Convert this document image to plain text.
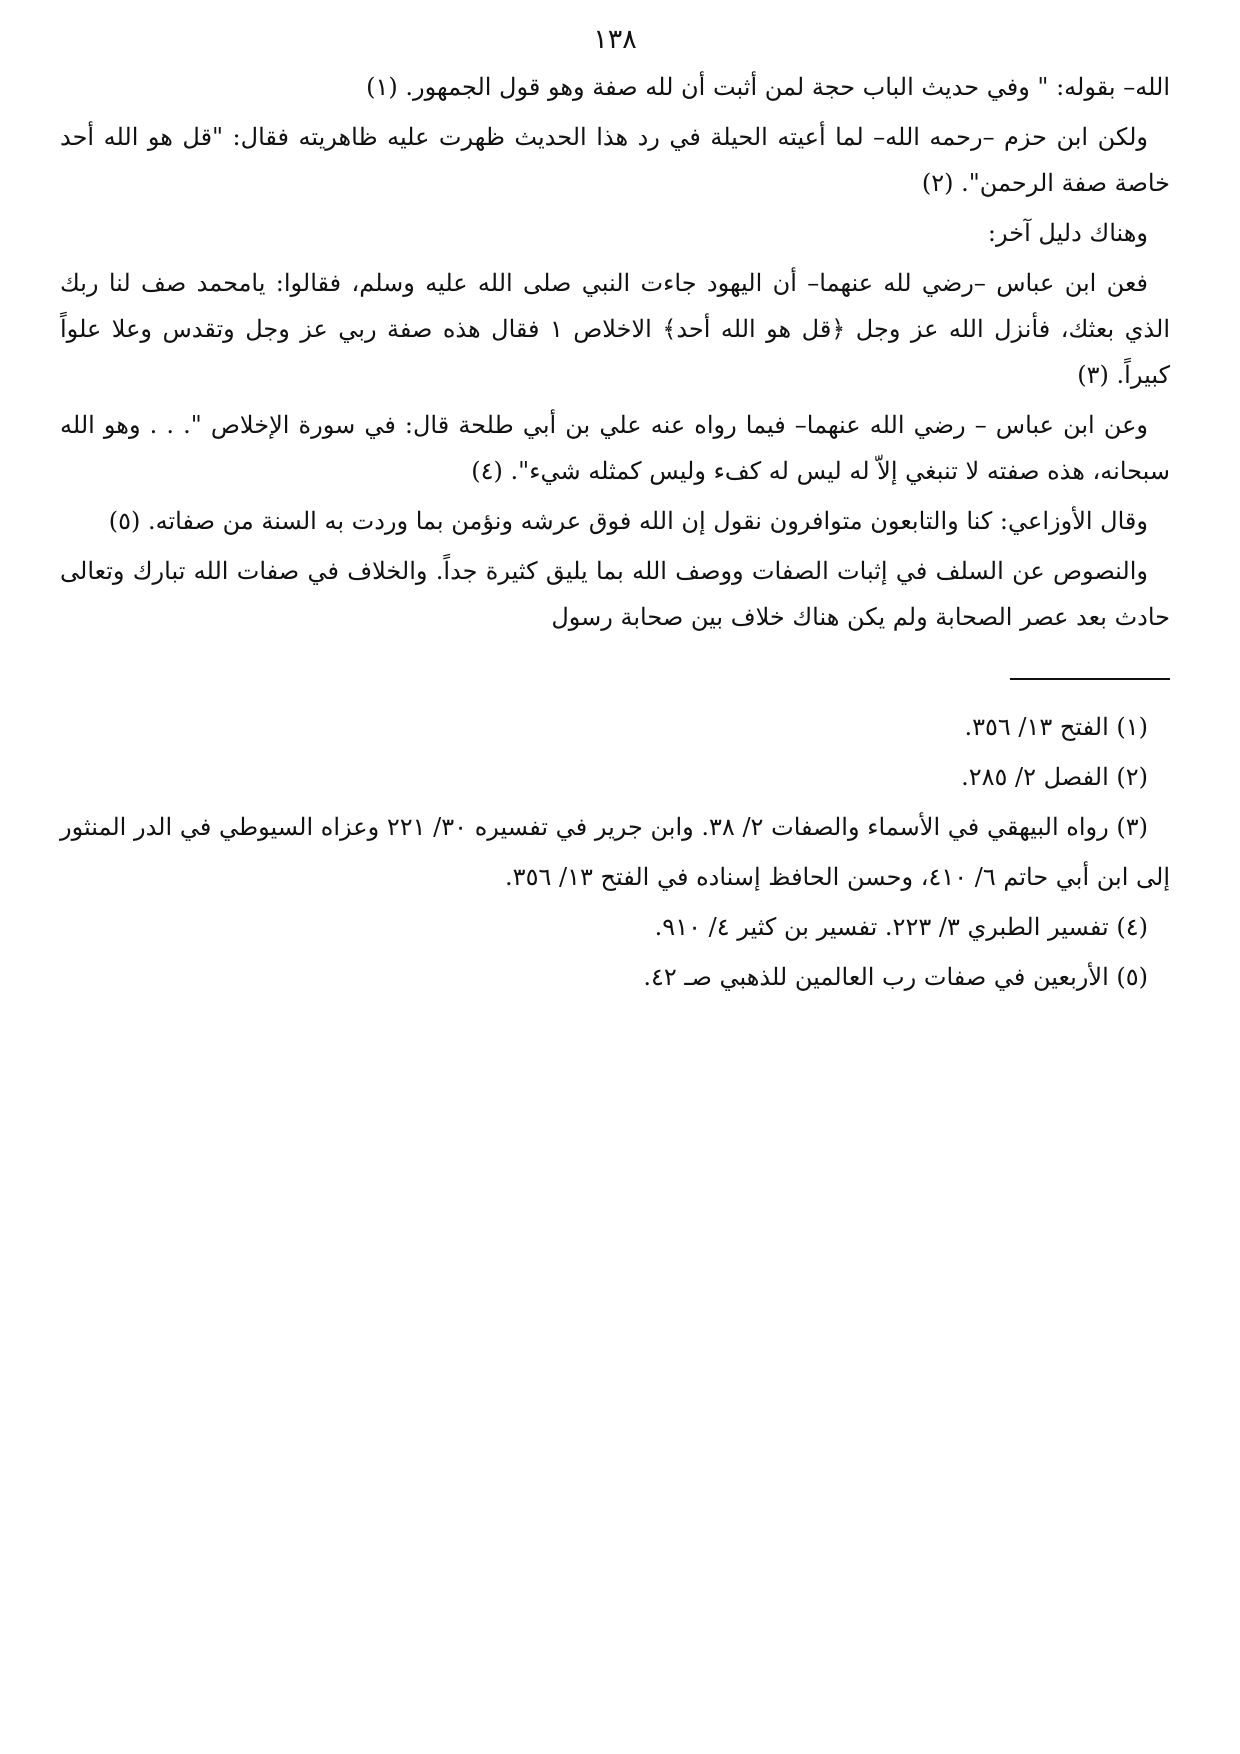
١٣٨

الله– بقوله: " وفي حديث الباب حجة لمن أثبت أن لله صفة وهو قول الجمهور. (١)

ولكن ابن حزم –رحمه الله– لما أعيته الحيلة في رد هذا الحديث ظهرت عليه ظاهريته فقال: "قل هو الله أحد خاصة صفة الرحمن". (٢)

وهناك دليل آخر:

فعن ابن عباس –رضي لله عنهما– أن اليهود جاءت النبي صلى الله عليه وسلم، فقالوا: يامحمد صف لنا ربك الذي بعثك، فأنزل الله عز وجل ﴿قل هو الله أحد﴾ الاخلاص ١ فقال هذه صفة ربي عز وجل وتقدس وعلا علواً كبيراً. (٣)

وعن ابن عباس – رضي الله عنهما– فيما رواه عنه علي بن أبي طلحة قال: في سورة الإخلاص ". . . وهو الله سبحانه، هذه صفته لا تنبغي إلاّ له ليس له كفء وليس كمثله شيء". (٤)

وقال الأوزاعي: كنا والتابعون متوافرون نقول إن الله فوق عرشه ونؤمن بما وردت به السنة من صفاته. (٥)

والنصوص عن السلف في إثبات الصفات ووصف الله بما يليق كثيرة جداً. والخلاف في صفات الله تبارك وتعالى حادث بعد عصر الصحابة ولم يكن هناك خلاف بين صحابة رسول

(١) الفتح ١٣/ ٣٥٦.

(٢) الفصل ٢/ ٢٨٥.

(٣) رواه البيهقي في الأسماء والصفات ٢/ ٣٨. وابن جرير في تفسيره ٣٠/ ٢٢١ وعزاه السيوطي في الدر المنثور إلى ابن أبي حاتم ٦/ ٤١٠، وحسن الحافظ إسناده في الفتح ١٣/ ٣٥٦.

(٤) تفسير الطبري ٣/ ٢٢٣. تفسير بن كثير ٤/ ٩١٠.

(٥) الأربعين في صفات رب العالمين للذهبي صـ ٤٢.
